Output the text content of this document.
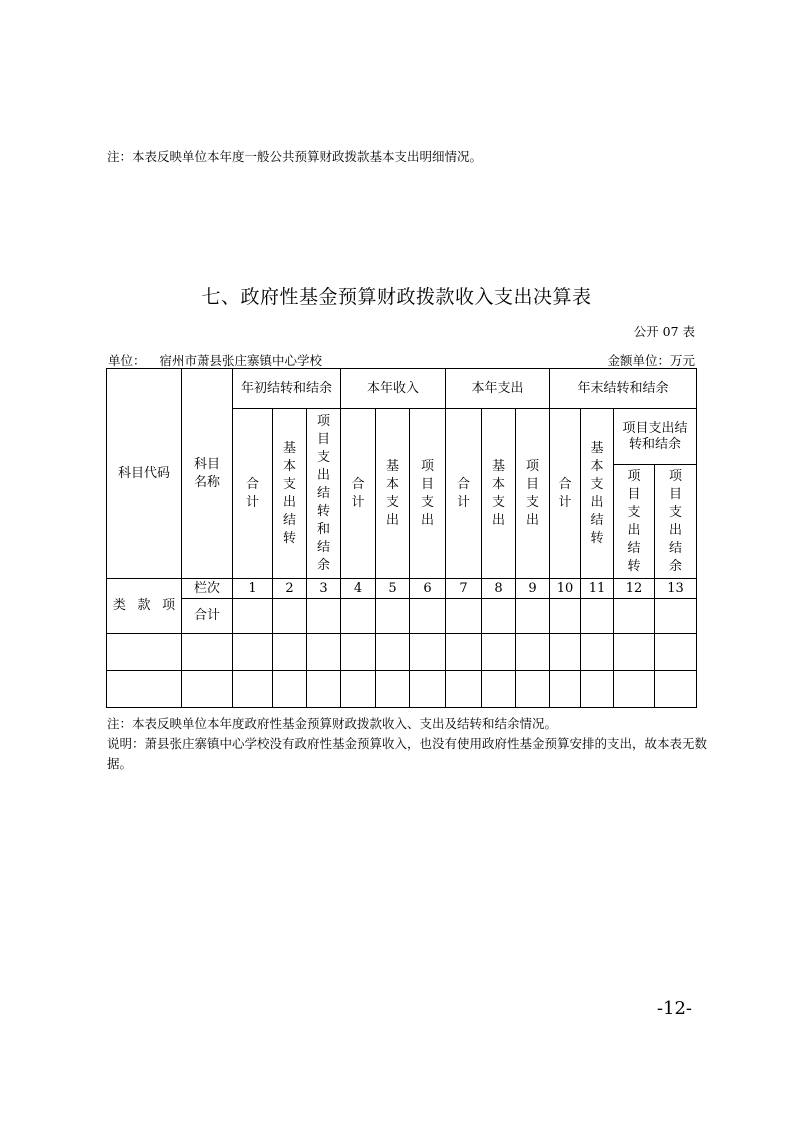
注：本表反映单位本年度一般公共预算财政拨款基本支出明细情况。
七、政府性基金预算财政拨款收入支出决算表
公开 07 表
单位： 宿州市萧县张庄寨镇中心学校	金额单位：万元
科目代码	科目名称	年初结转和结余			本年收入			本年支出			年末结转和结余			
		合计	基本支出结转	项目支出结转和结余	合计	基本支出	项目支出	合计	基本支出	项目支出	合计	基本支出结转	项目支出结转和结余	
													项目支出结转	项目支出结余

类 款 项	栏次	1	2	3	4	5	6	7	8	9	10	11	12	13
	合计													

注：本表反映单位本年度政府性基金预算财政拨款收入、支出及结转和结余情况。
说明：萧县张庄寨镇中心学校没有政府性基金预算收入，也没有使用政府性基金预算安排的支出，故本表无数据。
-12-
